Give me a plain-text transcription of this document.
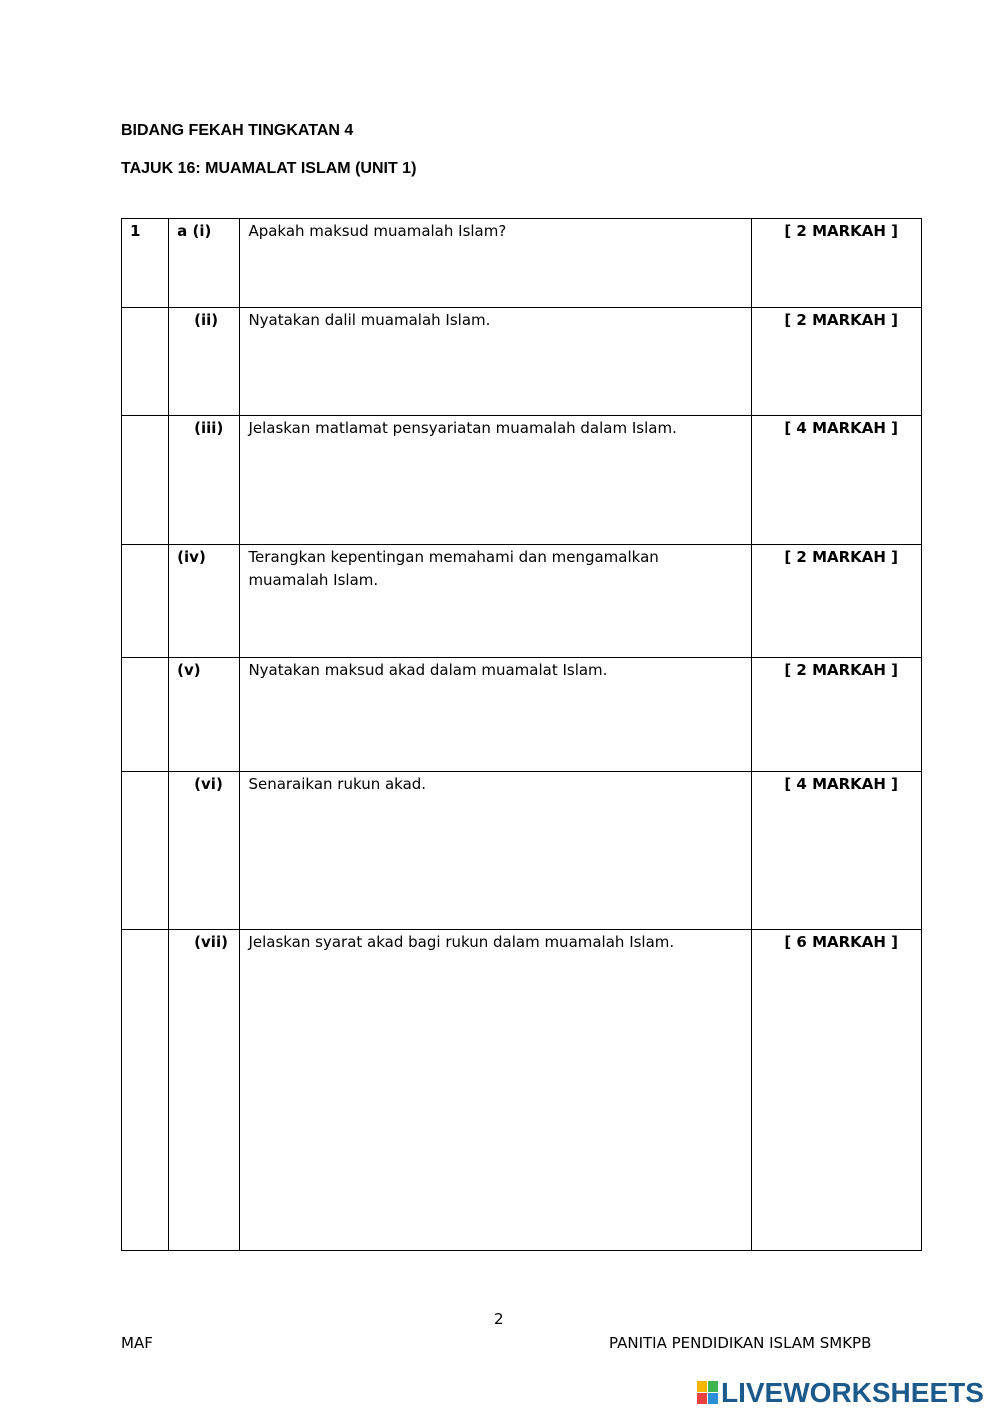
BIDANG FEKAH TINGKATAN 4
TAJUK 16: MUAMALAT ISLAM (UNIT 1)
1	a (i)	Apakah maksud muamalah Islam?	[ 2 MARKAH ]
	(ii)	Nyatakan dalil muamalah Islam.	[ 2 MARKAH ]
	(iii)	Jelaskan matlamat pensyariatan muamalah dalam Islam.	[ 4 MARKAH ]
	(iv)	Terangkan kepentingan memahami dan mengamalkan muamalah Islam.	[ 2 MARKAH ]
	(v)	Nyatakan maksud akad dalam muamalat Islam.	[ 2 MARKAH ]
	(vi)	Senaraikan rukun akad.	[ 4 MARKAH ]
	(vii)	Jelaskan syarat akad bagi rukun dalam muamalah Islam.	[ 6 MARKAH ]
2
MAF	PANITIA PENDIDIKAN ISLAM SMKPB
LIVEWORKSHEETS
